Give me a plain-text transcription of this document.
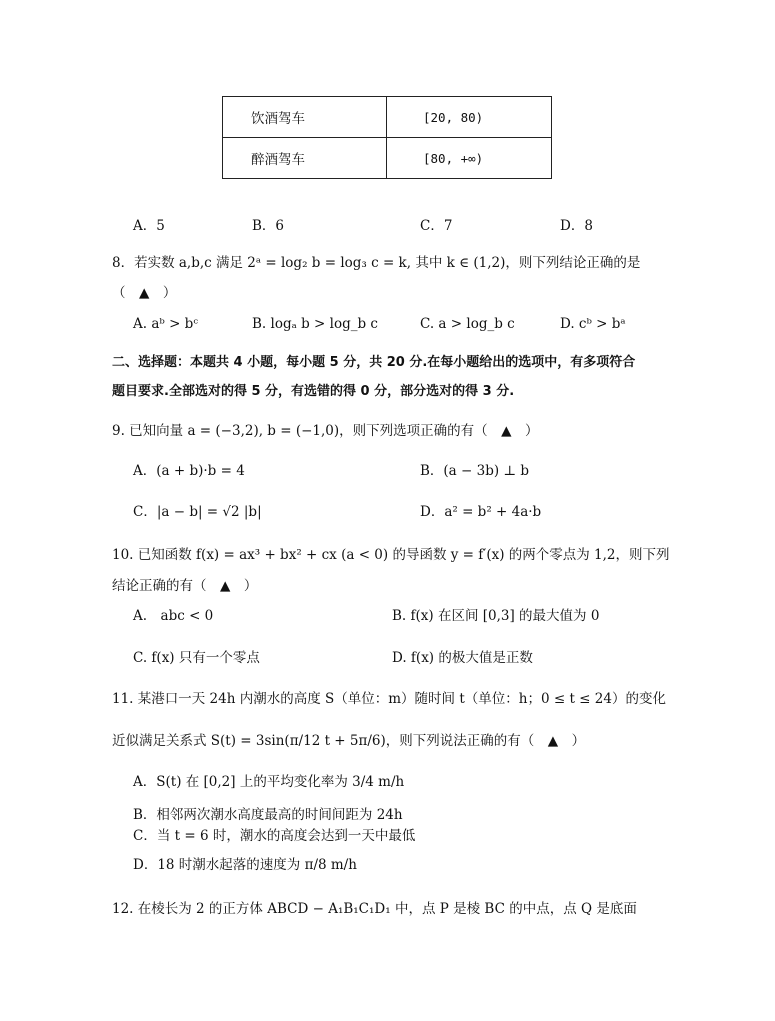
饮酒驾车	[20, 80)
醉酒驾车	[80, +∞)
A．5	B．6	C．7	D．8
8．若实数 a,b,c 满足 2ᵃ = log₂ b = log₃ c = k, 其中 k ∈ (1,2)，则下列结论正确的是
（　▲　）
A. aᵇ > bᶜ	B. logₐ b > log_b c	C. a > log_b c	D. cᵇ > bᵃ
二、选择题：本题共 4 小题，每小题 5 分，共 20 分.在每小题给出的选项中，有多项符合
题目要求.全部选对的得 5 分，有选错的得 0 分，部分选对的得 3 分.
9. 已知向量 a = (−3,2), b = (−1,0)，则下列选项正确的有（　▲　）
A．(a + b)·b = 4	B．(a − 3b) ⊥ b
C．|a − b| = √2 |b|	D．a² = b² + 4a·b
10. 已知函数 f(x) = ax³ + bx² + cx (a < 0) 的导函数 y = f′(x) 的两个零点为 1,2，则下列
结论正确的有（　▲　）
A.　abc < 0	B. f(x) 在区间 [0,3] 的最大值为 0
C. f(x) 只有一个零点	D. f(x) 的极大值是正数
11. 某港口一天 24h 内潮水的高度 S（单位：m）随时间 t（单位：h；0 ≤ t ≤ 24）的变化
近似满足关系式 S(t) = 3sin(π/12 t + 5π/6)，则下列说法正确的有（　▲　）
A．S(t) 在 [0,2] 上的平均变化率为 3/4 m/h
B．相邻两次潮水高度最高的时间间距为 24h
C．当 t = 6 时，潮水的高度会达到一天中最低
D．18 时潮水起落的速度为 π/8 m/h
12. 在棱长为 2 的正方体 ABCD − A₁B₁C₁D₁ 中，点 P 是棱 BC 的中点，点 Q 是底面
